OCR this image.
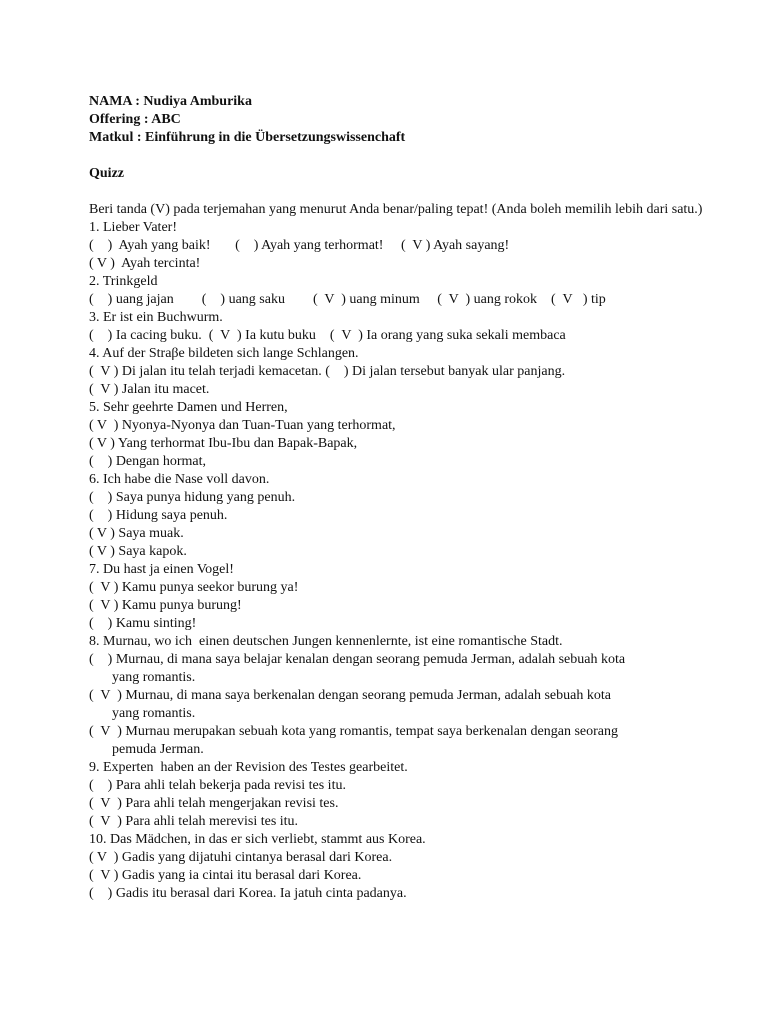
NAMA : Nudiya Amburika
Offering : ABC
Matkul : Einführung in die Übersetzungswissenchaft
Quizz
Beri tanda (V) pada terjemahan yang menurut Anda benar/paling tepat! (Anda boleh memilih lebih dari satu.)
1. Lieber Vater!
(    )  Ayah yang baik!       (    ) Ayah yang terhormat!     (  V ) Ayah sayang!
( V )  Ayah tercinta!
2. Trinkgeld
(    ) uang jajan        (    ) uang saku        (  V  ) uang minum     (  V  ) uang rokok    (  V   ) tip
3. Er ist ein Buchwurm.
(    ) Ia cacing buku.  (  V  ) Ia kutu buku    (  V  ) Ia orang yang suka sekali membaca
4. Auf der Straβe bildeten sich lange Schlangen.
(  V ) Di jalan itu telah terjadi kemacetan. (    ) Di jalan tersebut banyak ular panjang.
(  V ) Jalan itu macet.
5. Sehr geehrte Damen und Herren,
( V  ) Nyonya-Nyonya dan Tuan-Tuan yang terhormat,
( V ) Yang terhormat Ibu-Ibu dan Bapak-Bapak,
(    ) Dengan hormat,
6. Ich habe die Nase voll davon.
(    ) Saya punya hidung yang penuh.
(    ) Hidung saya penuh.
( V ) Saya muak.
( V ) Saya kapok.
7. Du hast ja einen Vogel!
(  V ) Kamu punya seekor burung ya!
(  V ) Kamu punya burung!
(    ) Kamu sinting!
8. Murnau, wo ich  einen deutschen Jungen kennenlernte, ist eine romantische Stadt.
(    ) Murnau, di mana saya belajar kenalan dengan seorang pemuda Jerman, adalah sebuah kota
yang romantis.
(  V  ) Murnau, di mana saya berkenalan dengan seorang pemuda Jerman, adalah sebuah kota
yang romantis.
(  V  ) Murnau merupakan sebuah kota yang romantis, tempat saya berkenalan dengan seorang
pemuda Jerman.
9. Experten  haben an der Revision des Testes gearbeitet.
(    ) Para ahli telah bekerja pada revisi tes itu.
(  V  ) Para ahli telah mengerjakan revisi tes.
(  V  ) Para ahli telah merevisi tes itu.
10. Das Mädchen, in das er sich verliebt, stammt aus Korea.
( V  ) Gadis yang dijatuhi cintanya berasal dari Korea.
(  V ) Gadis yang ia cintai itu berasal dari Korea.
(    ) Gadis itu berasal dari Korea. Ia jatuh cinta padanya.
